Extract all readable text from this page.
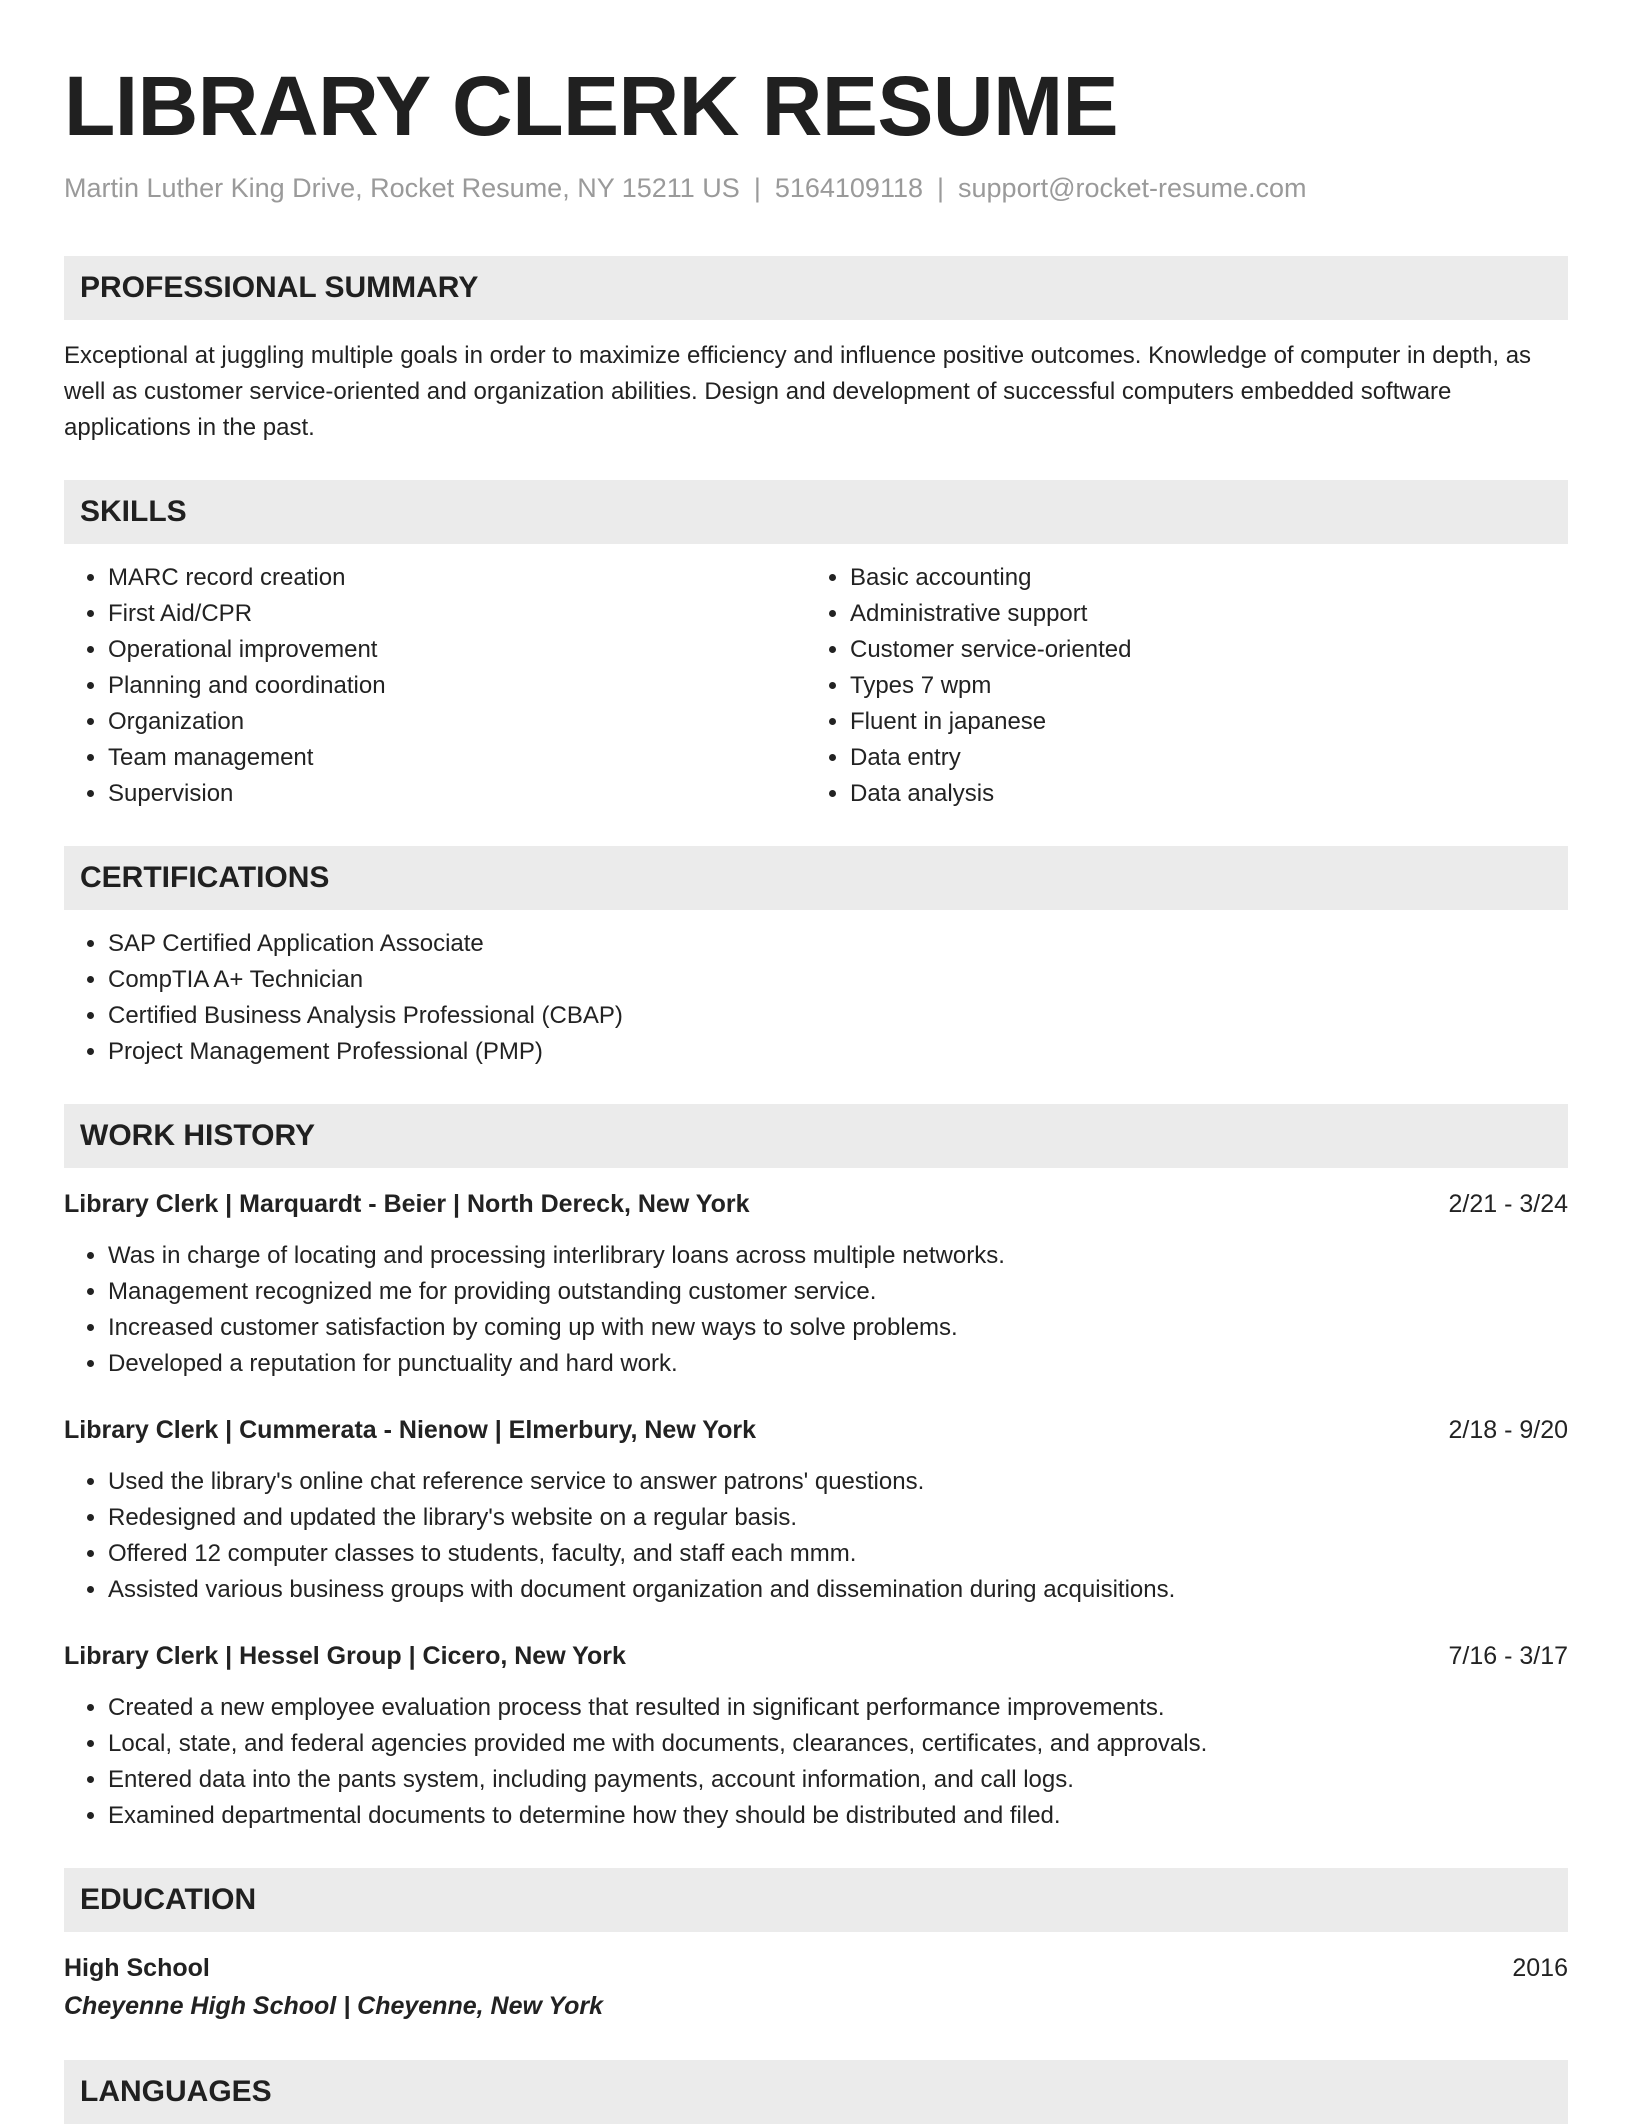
LIBRARY CLERK RESUME
Martin Luther King Drive, Rocket Resume, NY 15211 US | 5164109118 | support@rocket-resume.com
PROFESSIONAL SUMMARY
Exceptional at juggling multiple goals in order to maximize efficiency and influence positive outcomes. Knowledge of computer in depth, as well as customer service-oriented and organization abilities. Design and development of successful computers embedded software applications in the past.
SKILLS
• MARC record creation
• First Aid/CPR
• Operational improvement
• Planning and coordination
• Organization
• Team management
• Supervision
• Basic accounting
• Administrative support
• Customer service-oriented
• Types 7 wpm
• Fluent in japanese
• Data entry
• Data analysis
CERTIFICATIONS
• SAP Certified Application Associate
• CompTIA A+ Technician
• Certified Business Analysis Professional (CBAP)
• Project Management Professional (PMP)
WORK HISTORY
Library Clerk | Marquardt - Beier | North Dereck, New York	2/21 - 3/24
• Was in charge of locating and processing interlibrary loans across multiple networks.
• Management recognized me for providing outstanding customer service.
• Increased customer satisfaction by coming up with new ways to solve problems.
• Developed a reputation for punctuality and hard work.
Library Clerk | Cummerata - Nienow | Elmerbury, New York	2/18 - 9/20
• Used the library's online chat reference service to answer patrons' questions.
• Redesigned and updated the library's website on a regular basis.
• Offered 12 computer classes to students, faculty, and staff each mmm.
• Assisted various business groups with document organization and dissemination during acquisitions.
Library Clerk | Hessel Group | Cicero, New York	7/16 - 3/17
• Created a new employee evaluation process that resulted in significant performance improvements.
• Local, state, and federal agencies provided me with documents, clearances, certificates, and approvals.
• Entered data into the pants system, including payments, account information, and call logs.
• Examined departmental documents to determine how they should be distributed and filed.
EDUCATION
High School	2016
Cheyenne High School | Cheyenne, New York
LANGUAGES
